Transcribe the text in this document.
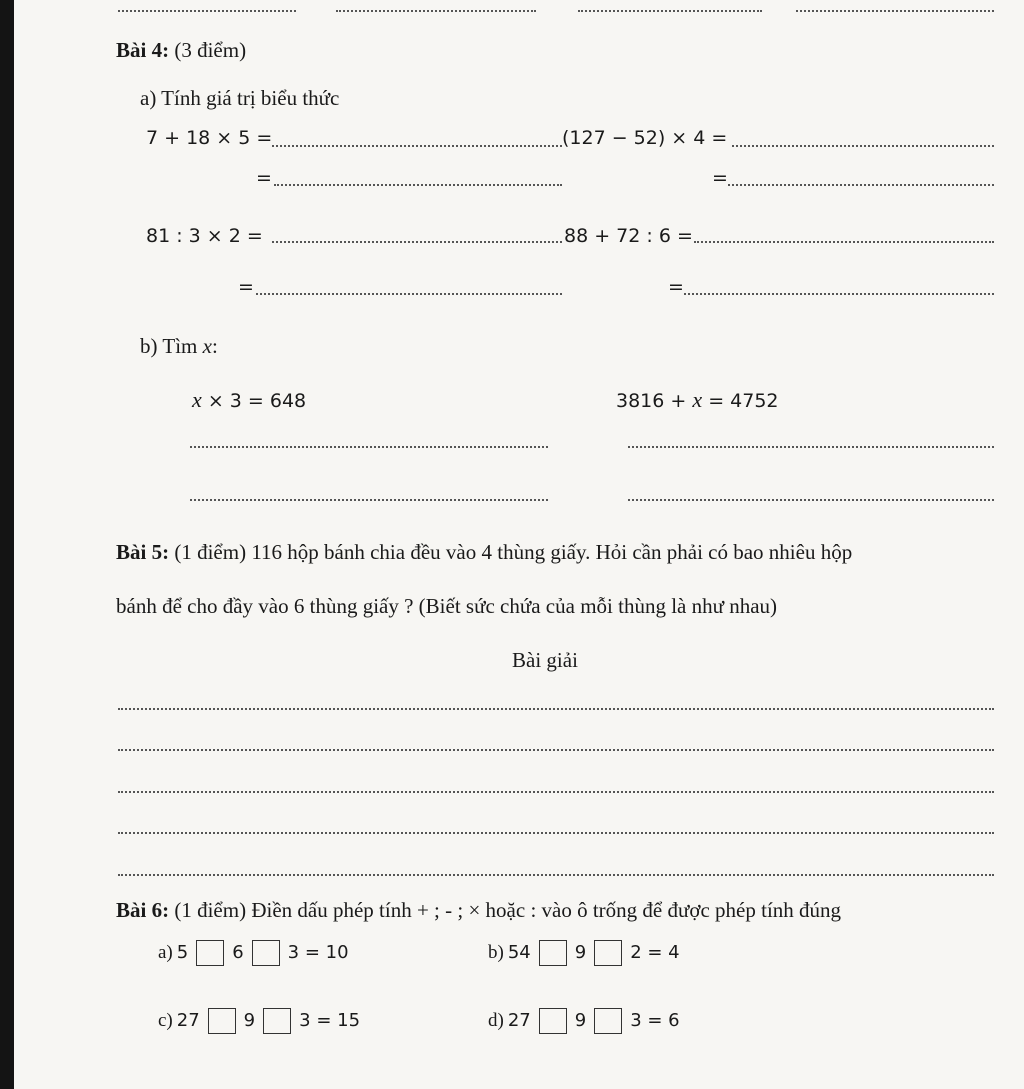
Bài 4: (3 điểm)
a) Tính giá trị biểu thức
7 + 18 × 5 =	(127 − 52) × 4 =
=	=
81 : 3 × 2 =	88 + 72 : 6 =
=	=
b) Tìm x:
x × 3 = 648	3816 + x = 4752
Bài 5: (1 điểm) 116 hộp bánh chia đều vào 4 thùng giấy. Hỏi cần phải có bao nhiêu hộp
bánh để cho đầy vào 6 thùng giấy ? (Biết sức chứa của mỗi thùng là như nhau)
Bài giải
Bài 6: (1 điểm) Điền dấu phép tính + ; - ; × hoặc : vào ô trống để được phép tính đúng
a) 5 6 3 = 10	b) 54 9 2 = 4
c) 27 9 3 = 15	d) 27 9 3 = 6
